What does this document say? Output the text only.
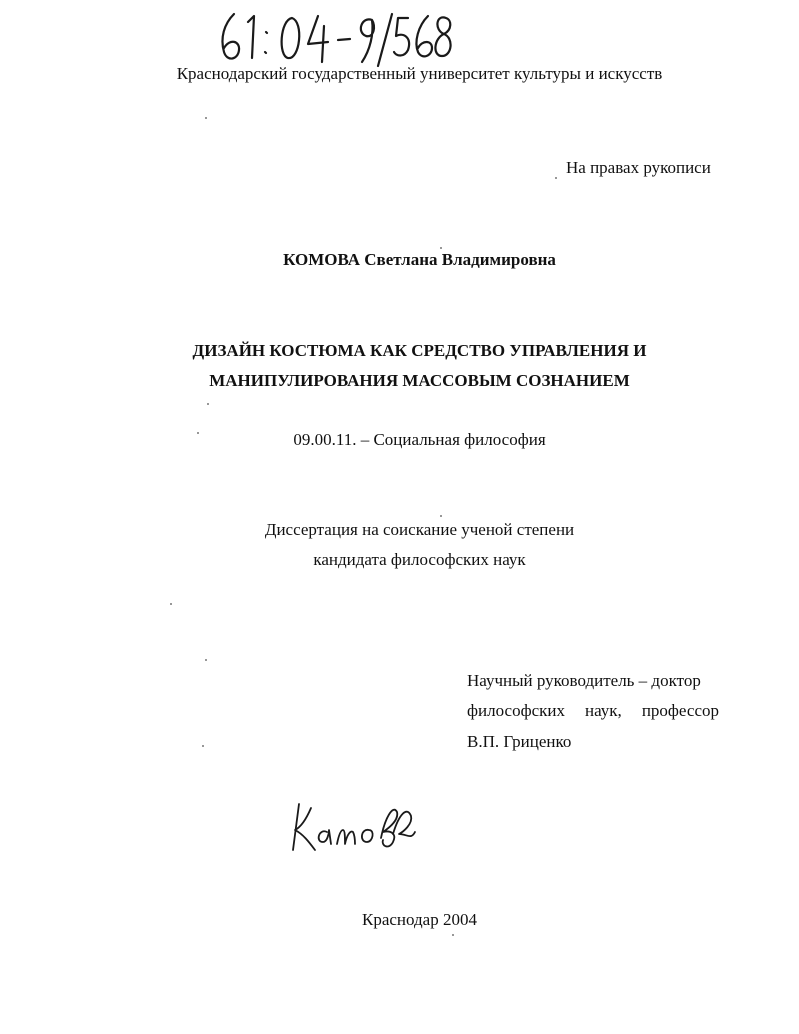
Краснодарский государственный университет культуры и искусств
На правах рукописи
КОМОВА Светлана Владимировна
ДИЗАЙН КОСТЮМА КАК СРЕДСТВО УПРАВЛЕНИЯ И
МАНИПУЛИРОВАНИЯ МАССОВЫМ СОЗНАНИЕМ
09.00.11. – Социальная философия
Диссертация на соискание ученой степени
кандидата философских наук
Научный руководитель – доктор
философских наук, профессор
В.П. Гриценко
Краснодар 2004
